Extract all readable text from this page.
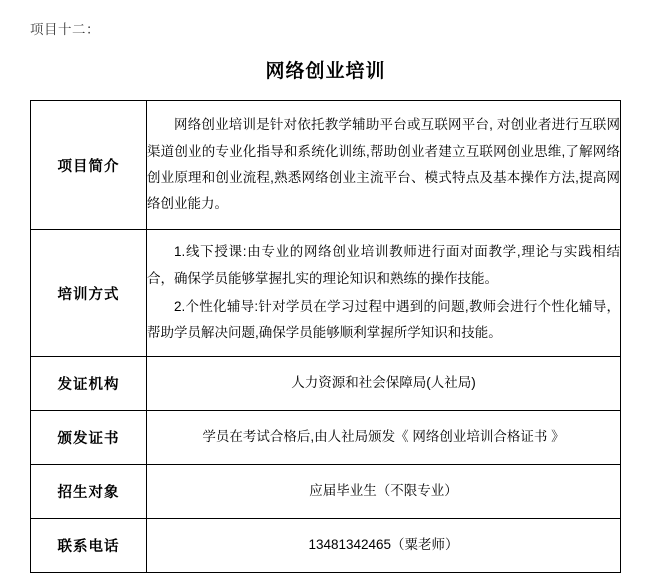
项目十二：
网络创业培训
项目简介	网络创业培训是针对依托教学辅助平台或互联网平台, 对创业者进行互联网渠道创业的专业化指导和系统化训练,帮助创业者建立互联网创业思维,了解网络创业原理和创业流程,熟悉网络创业主流平台、模式特点及基本操作方法,提高网络创业能力。

培训方式	1.线下授课:由专业的网络创业培训教师进行面对面教学,理论与实践相结合，确保学员能够掌握扎实的理论知识和熟练的操作技能。

2.个性化辅导:针对学员在学习过程中遇到的问题,教师会进行个性化辅导，帮助学员解决问题,确保学员能够顺利掌握所学知识和技能。

发证机构	人力资源和社会保障局(人社局)
颁发证书	学员在考试合格后,由人社局颁发《 网络创业培训合格证书 》
招生对象	应届毕业生（不限专业）
联系电话	13481342465（粟老师）
